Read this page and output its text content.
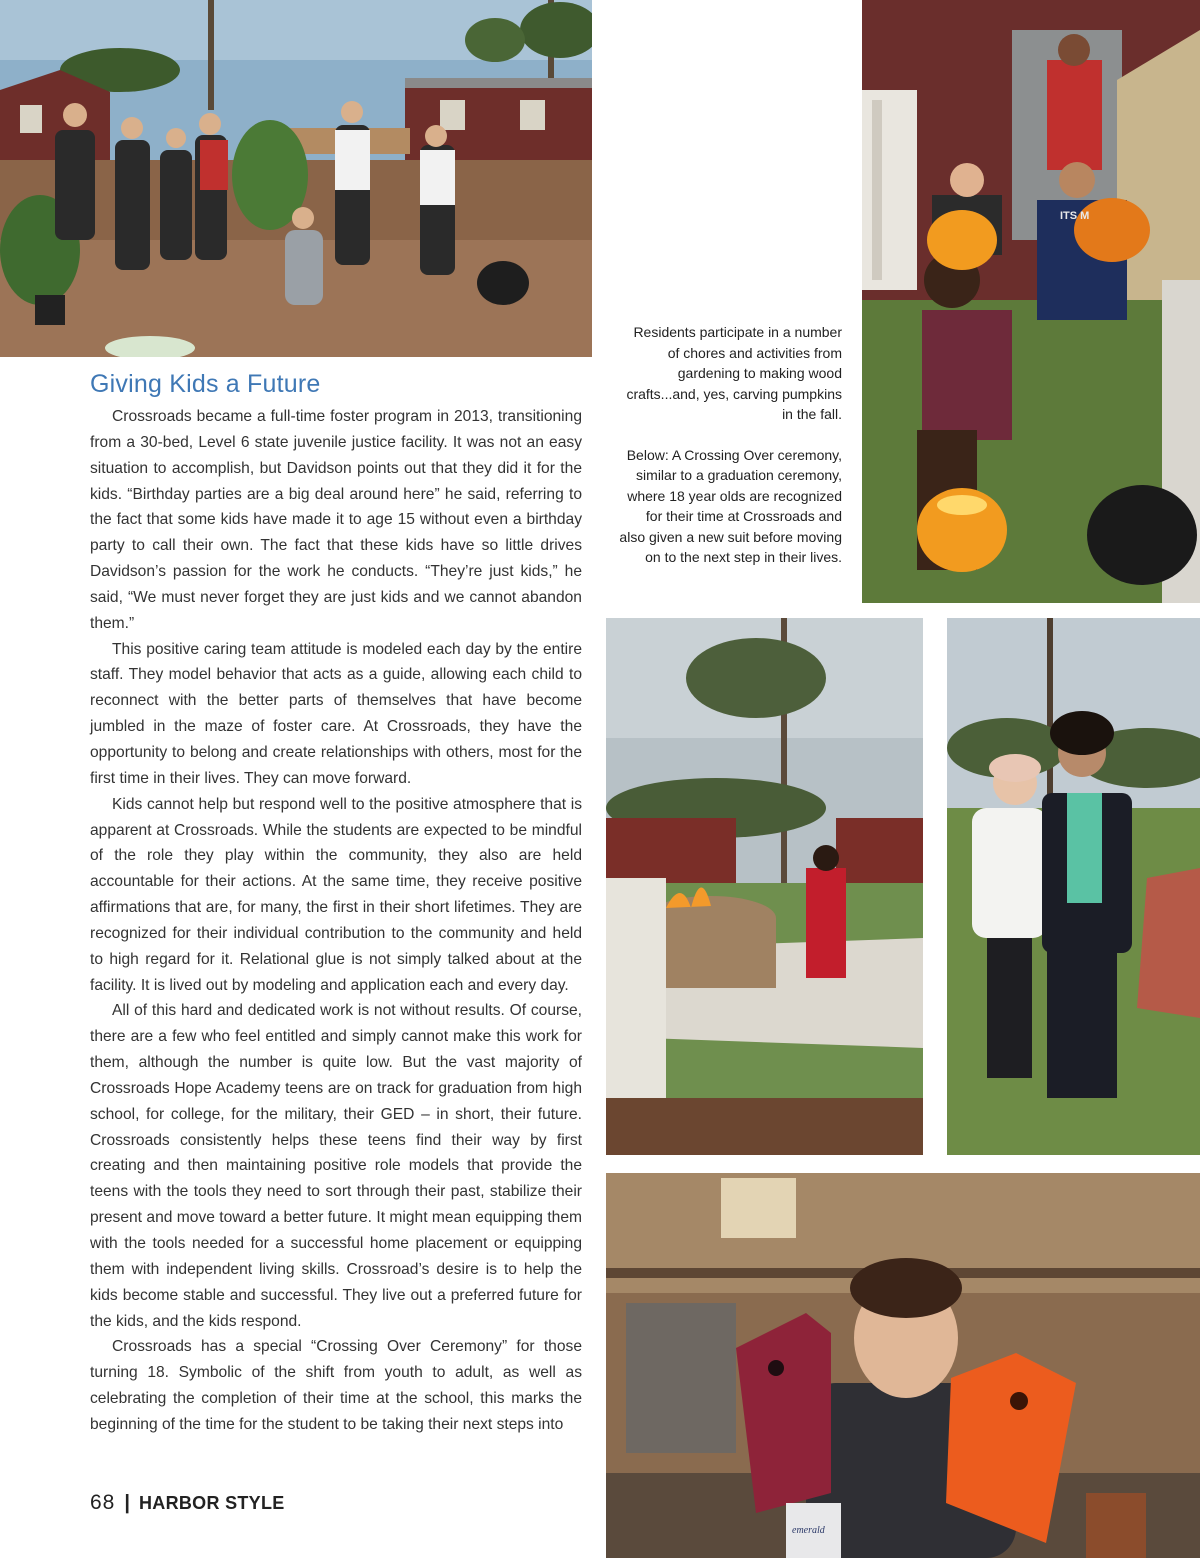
ITS M
emerald
Giving Kids a Future

Crossroads became a full-time foster program in 2013, transitioning from a 30-bed, Level 6 state juvenile justice facility. It was not an easy situation to accomplish, but Davidson points out that they did it for the kids. “Birthday parties are a big deal around here” he said, referring to the fact that some kids have made it to age 15 without even a birthday party to call their own. The fact that these kids have so little drives Davidson’s passion for the work he conducts. “They’re just kids,” he said, “We must never forget they are just kids and we cannot abandon them.”

This positive caring team attitude is modeled each day by the entire staff. They model behavior that acts as a guide, allowing each child to reconnect with the better parts of themselves that have become jumbled in the maze of foster care. At Crossroads, they have the opportunity to belong and create relationships with others, most for the first time in their lives. They can move forward.

Kids cannot help but respond well to the positive atmosphere that is apparent at Crossroads. While the students are expected to be mindful of the role they play within the community, they also are held accountable for their actions. At the same time, they receive positive affirmations that are, for many, the first in their short lifetimes. They are recognized for their individual contribution to the community and held to high regard for it. Relational glue is not simply talked about at the facility. It is lived out by modeling and application each and every day.

All of this hard and dedicated work is not without results. Of course, there are a few who feel entitled and simply cannot make this work for them, although the number is quite low. But the vast majority of Crossroads Hope Academy teens are on track for graduation from high school, for college, for the military, their GED – in short, their future. Crossroads consistently helps these teens find their way by first creating and then maintaining positive role models that provide the teens with the tools they need to sort through their past, stabilize their present and move toward a better future. It might mean equipping them with the tools needed for a successful home placement or equipping them with independent living skills. Crossroad’s desire is to help the kids become stable and successful. They live out a preferred future for the kids, and the kids respond.

Crossroads has a special “Crossing Over Ceremony” for those turning 18. Symbolic of the shift from youth to adult, as well as celebrating the completion of their time at the school, this marks the beginning of the time for the student to be taking their next steps into

Residents participate in a number of chores and activities from gardening to making wood crafts...and, yes, carving pumpkins in the fall.

Below: A Crossing Over ceremony, similar to a graduation ceremony, where 18 year olds are recognized for their time at Crossroads and also given a new suit before moving on to the next step in their lives.

68 | HARBOR STYLE
